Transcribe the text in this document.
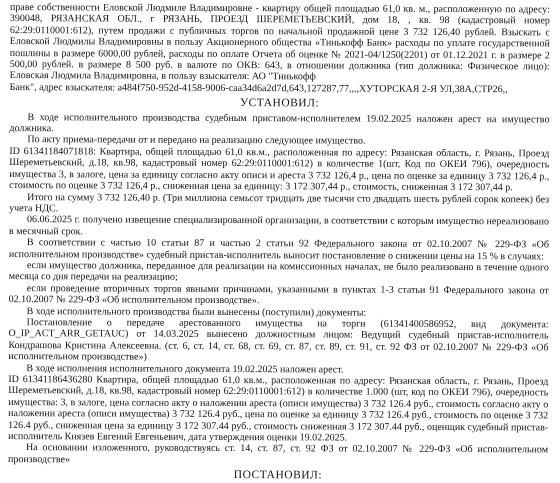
праве собственности Еловской Людмиле Владимировне - квартиру общей площадью 61,0 кв. м., расположенную по адресу: 390048, РЯЗАНСКАЯ ОБЛ., г РЯЗАНЬ, ПРОЕЗД ШЕРЕМЕТЬЕВСКИЙ, дом 18, , кв. 98 (кадастровый номер 62:29:0110001:612), путем продажи с публичных торгов по начальной продажной цене 3 732 126,40 рублей. Взыскать с Еловской Людмилы Владимировны в пользу Акционерного общества «Тинькофф Банк» расходы по уплате государственной пошлины в размере 6000,00 рублей, расходы по оплате Отчета об оценке № 2021-04/1250(2201) от 01.12.2021 г. в размере 2 500,00 рублей. в размере 8 500 руб. в валюте по ОКВ: 643, в отношении должника (тип должника: Физическое лицо): Еловская Людмила Владимировна, в пользу взыскателя: АО "Тинькофф

Банк", адрес взыскателя: a484f750-952d-4158-9006-caa34d6a2d7d,643,127287,77,,,,ХУТОРСКАЯ 2-Я УЛ,38А,СТР26,,

УСТАНОВИЛ:

В ходе исполнительного производства судебным приставом-исполнителем 19.02.2025 наложен арест на имущество должника.

По акту приема-передачи от и передано на реализацию следующее имущество.

ID 61341184071818: Квартира, общей площадью 61,0 кв.м., расположенная по адресу: Рязанская область, г. Рязань, Проезд Шереметьевский, д.18, кв.98, кадастровый номер 62:29:0110001:612) в количестве 1(шт, Код по ОКЕИ 796), очередность имущества 3, в залоге, цена за единицу согласно акту описи и ареста 3 732 126,4 р., цена по оценке за единицу 3 732 126,4 р., стоимость по оценке 3 732 126,4 р., сниженная цена за единицу: 3 172 307,44 р., стоимость, сниженная 3 172 307,44 р.

Итого на сумму 3 732 126,40 р. (Три миллиона семьсот тридцать две тысячи сто двадцать шесть рублей сорок копеек) без учета НДС.

06.06.2025 г. получено извещение специализированной организации, в соответствии с которым имущество нереализовано в месячный срок.

В соответствии с частью 10 статьи 87 и частью 2 статьи 92 Федерального закона от 02.10.2007 № 229-ФЗ «Об исполнительном производстве» судебный пристав-исполнитель выносит постановление о снижении цены на 15 % в случаях:

если имущество должника, переданное для реализации на комиссионных началах, не было реализовано в течение одного месяца со дня передачи на реализацию;

если проведение вторичных торгов явными причинами, указанными в пунктах 1-3 статьи 91 Федерального закона от 02.10.2007 № 229-ФЗ «Об исполнительном производстве».

В ходе исполнительного производства были вынесены (поступили) документы:

Постановление о передаче арестованного имущества на торги (61341400586952, вид документа: O_IP_ACT_ARR_GETAUC) от 14.03.2025 вынесено должностным лицом: Ведущий судебный пристав-исполнитель Кондрашова Кристина Алексеевна. (ст. 6, ст. 14, ст. 68, ст. 69, ст. 87, ст. 89, ст. 91, ст. 92 ФЗ от 02.10.2007 № 229-ФЗ «Об исполнительном производстве»)

В ходе исполнения исполнительного документа 19.02.2025 наложен арест.

ID 61341186436280 Квартира, общей площадью 61,0 кв.м., расположенная по адресу: Рязанская область, г. Рязань, Проезд Шереметьевский, д.18, кв.98, кадастровый номер 62:29:0110001:612) в количестве 1.000 (шт, код по ОКЕИ 796), очередность имущества: 3, в залоге, цена согласно акту о наложении ареста (описи имущества) 3 732 126.4 руб., стоимость согласно акту о наложении ареста (описи имущества) 3 732 126.4 руб., цена по оценке за единицу 3 732 126.4 руб., стоимость по оценке 3 732 126.4 руб., сниженная цена за единицу 3 172 307.44 руб., стоимость сниженная 3 172 307.44 руб., оценщик судебный пристав-исполнитель Князев Евгений Евгеньевич, дата утверждения оценки 19.02.2025.

На основании изложенного, руководствуясь ст. 14, ст. 87, ст. 92 ФЗ от 02.10.2007 № 229-ФЗ «Об исполнительном производстве»

ПОСТАНОВИЛ:
